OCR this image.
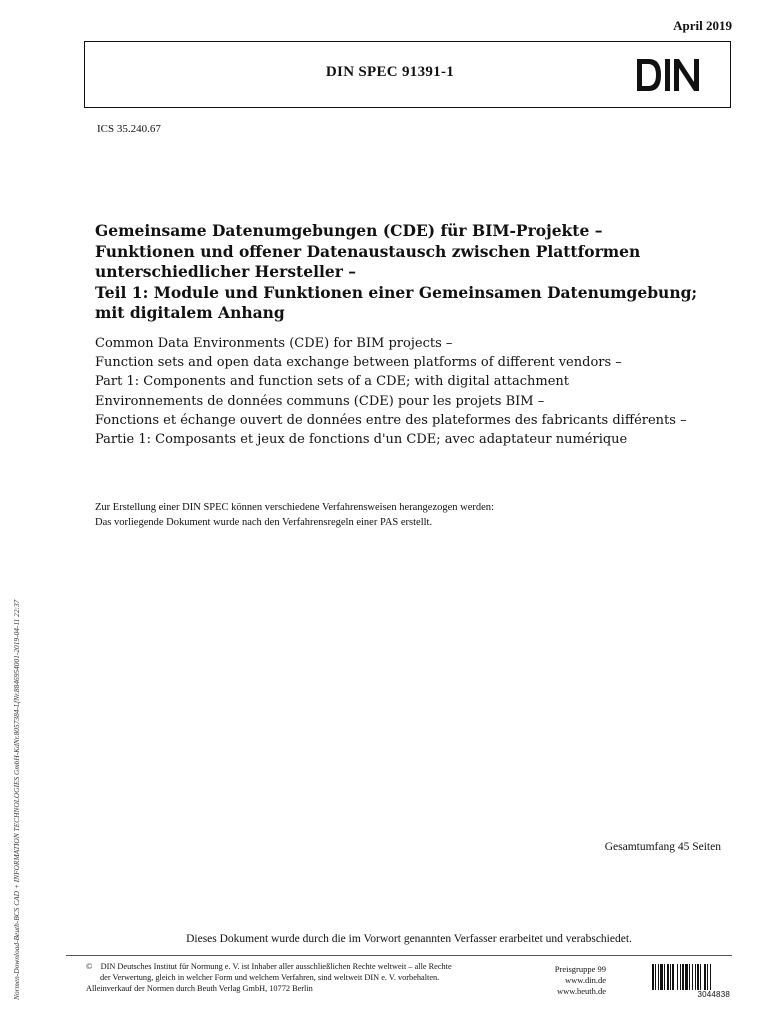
April 2019
DIN SPEC 91391-1
ICS 35.240.67
Gemeinsame Datenumgebungen (CDE) für BIM-Projekte –
Funktionen und offener Datenaustausch zwischen Plattformen
unterschiedlicher Hersteller –
Teil 1: Module und Funktionen einer Gemeinsamen Datenumgebung;
mit digitalem Anhang
Common Data Environments (CDE) for BIM projects –
Function sets and open data exchange between platforms of different vendors –
Part 1: Components and function sets of a CDE; with digital attachment
Environnements de données communs (CDE) pour les projets BIM –
Fonctions et échange ouvert de données entre des plateformes des fabricants différents –
Partie 1: Composants et jeux de fonctions d'un CDE; avec adaptateur numérique
Zur Erstellung einer DIN SPEC können verschiedene Verfahrensweisen herangezogen werden:
Das vorliegende Dokument wurde nach den Verfahrensregeln einer PAS erstellt.
Gesamtumfang 45 Seiten
Dieses Dokument wurde durch die im Vorwort genannten Verfasser erarbeitet und verabschiedet.
© DIN Deutsches Institut für Normung e. V. ist Inhaber aller ausschließlichen Rechte weltweit – alle Rechte
der Verwertung, gleich in welcher Form und welchem Verfahren, sind weltweit DIN e. V. vorbehalten.
Alleinverkauf der Normen durch Beuth Verlag GmbH, 10772 Berlin
Preisgruppe 99
www.din.de
www.beuth.de	3044838
Normen-Download-Beuth-BCS CAD + INFORMATION TECHNOLOGIES GmbH-KdNr.8057384-LfNr.8846954001-2019-04-11 22:37
